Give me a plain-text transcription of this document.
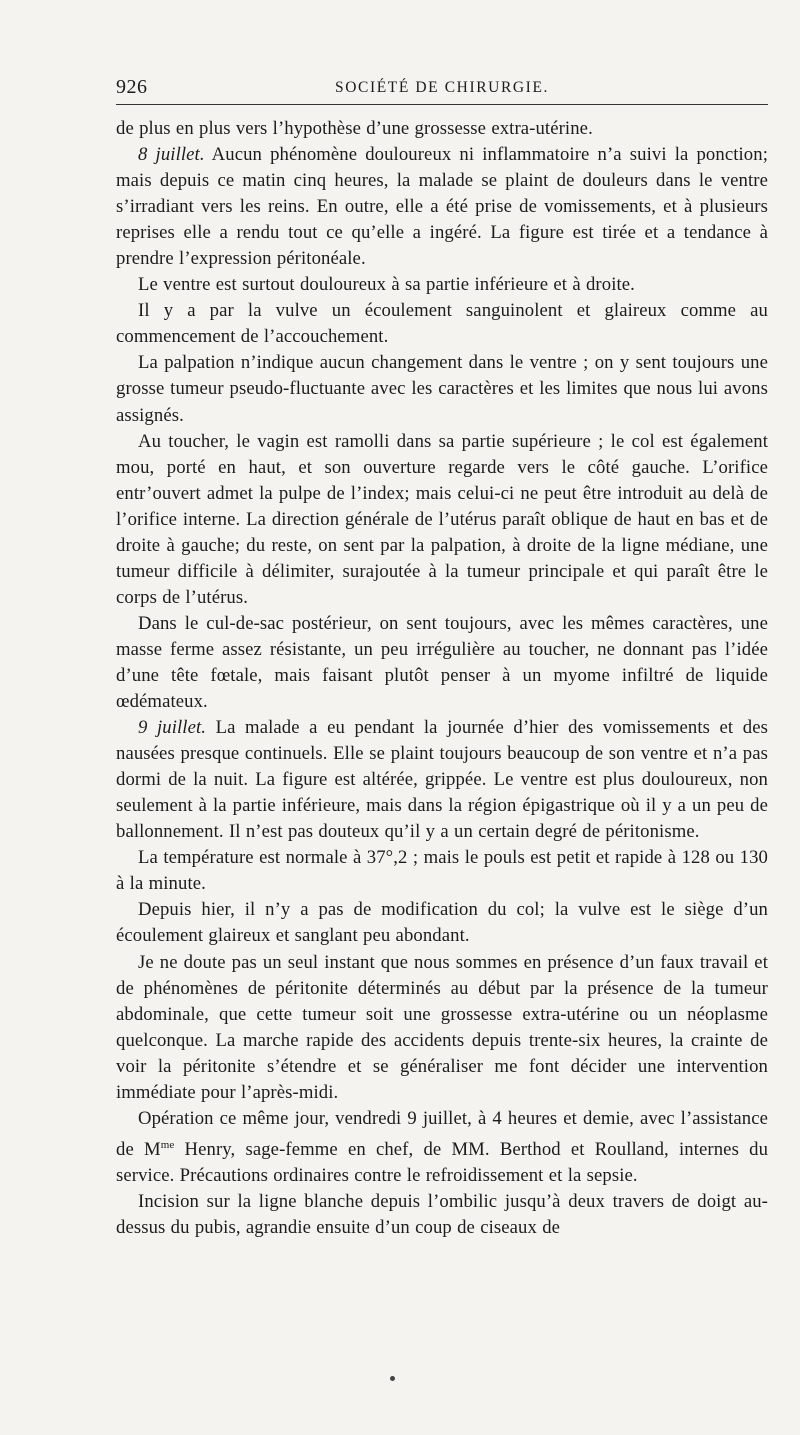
926	SOCIÉTÉ DE CHIRURGIE.

de plus en plus vers l’hypothèse d’une grossesse extra-utérine.

8 juillet. Aucun phénomène douloureux ni inflammatoire n’a suivi la ponction; mais depuis ce matin cinq heures, la malade se plaint de douleurs dans le ventre s’irradiant vers les reins. En outre, elle a été prise de vomissements, et à plusieurs reprises elle a rendu tout ce qu’elle a ingéré. La figure est tirée et a tendance à prendre l’expression péritonéale.

Le ventre est surtout douloureux à sa partie inférieure et à droite.

Il y a par la vulve un écoulement sanguinolent et glaireux comme au commencement de l’accouchement.

La palpation n’indique aucun changement dans le ventre ; on y sent toujours une grosse tumeur pseudo-fluctuante avec les caractères et les limites que nous lui avons assignés.

Au toucher, le vagin est ramolli dans sa partie supérieure ; le col est également mou, porté en haut, et son ouverture regarde vers le côté gauche. L’orifice entr’ouvert admet la pulpe de l’index; mais celui-ci ne peut être introduit au delà de l’orifice interne. La direction générale de l’utérus paraît oblique de haut en bas et de droite à gauche; du reste, on sent par la palpation, à droite de la ligne médiane, une tumeur difficile à délimiter, surajoutée à la tumeur principale et qui paraît être le corps de l’utérus.

Dans le cul-de-sac postérieur, on sent toujours, avec les mêmes caractères, une masse ferme assez résistante, un peu irrégulière au toucher, ne donnant pas l’idée d’une tête fœtale, mais faisant plutôt penser à un myome infiltré de liquide œdémateux.

9 juillet. La malade a eu pendant la journée d’hier des vomissements et des nausées presque continuels. Elle se plaint toujours beaucoup de son ventre et n’a pas dormi de la nuit. La figure est altérée, grippée. Le ventre est plus douloureux, non seulement à la partie inférieure, mais dans la région épigastrique où il y a un peu de ballonnement. Il n’est pas douteux qu’il y a un certain degré de péritonisme.

La température est normale à 37°,2 ; mais le pouls est petit et rapide à 128 ou 130 à la minute.

Depuis hier, il n’y a pas de modification du col; la vulve est le siège d’un écoulement glaireux et sanglant peu abondant.

Je ne doute pas un seul instant que nous sommes en présence d’un faux travail et de phénomènes de péritonite déterminés au début par la présence de la tumeur abdominale, que cette tumeur soit une grossesse extra-utérine ou un néoplasme quelconque. La marche rapide des accidents depuis trente-six heures, la crainte de voir la péritonite s’étendre et se généraliser me font décider une intervention immédiate pour l’après-midi.

Opération ce même jour, vendredi 9 juillet, à 4 heures et demie, avec l’assistance de $M^{me}$ Henry, sage-femme en chef, de MM. Berthod et Roulland, internes du service. Précautions ordinaires contre le refroidissement et la sepsie.

Incision sur la ligne blanche depuis l’ombilic jusqu’à deux travers de doigt au-dessus du pubis, agrandie ensuite d’un coup de ciseaux de
